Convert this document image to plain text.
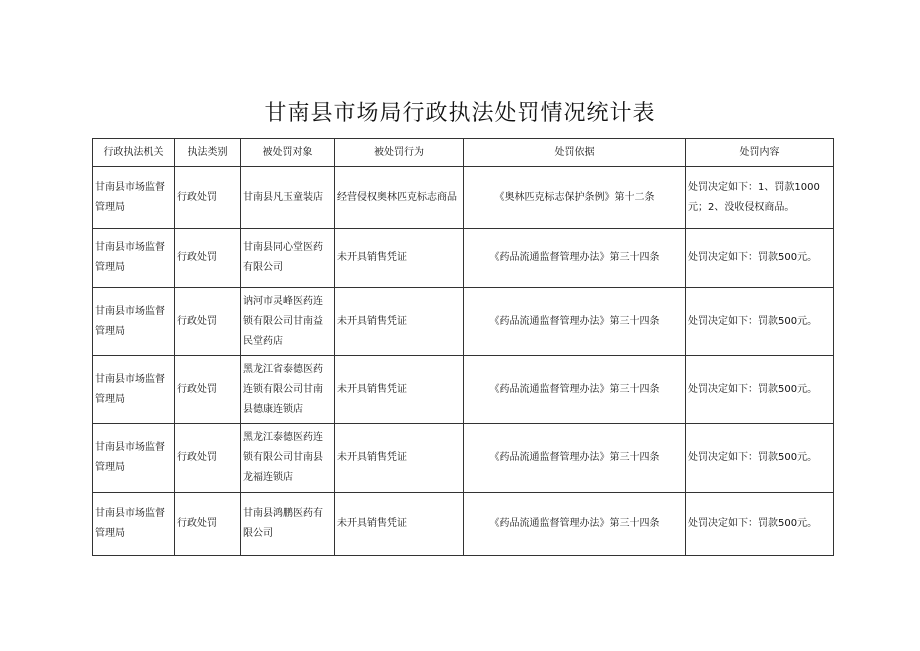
甘南县市场局行政执法处罚情况统计表
行政执法机关	执法类别	被处罚对象	被处罚行为	处罚依据	处罚内容
甘南县市场监督管理局	行政处罚	甘南县凡玉童装店	经营侵权奥林匹克标志商品	《奥林匹克标志保护条例》第十二条	处罚决定如下：1、罚款1000元；2、没收侵权商品。
甘南县市场监督管理局	行政处罚	甘南县同心堂医药有限公司	未开具销售凭证	《药品流通监督管理办法》第三十四条	处罚决定如下：罚款500元。
甘南县市场监督管理局	行政处罚	讷河市灵峰医药连锁有限公司甘南益民堂药店	未开具销售凭证	《药品流通监督管理办法》第三十四条	处罚决定如下：罚款500元。
甘南县市场监督管理局	行政处罚	黑龙江省泰德医药连锁有限公司甘南县德康连锁店	未开具销售凭证	《药品流通监督管理办法》第三十四条	处罚决定如下：罚款500元。
甘南县市场监督管理局	行政处罚	黑龙江泰德医药连锁有限公司甘南县龙福连锁店	未开具销售凭证	《药品流通监督管理办法》第三十四条	处罚决定如下：罚款500元。
甘南县市场监督管理局	行政处罚	甘南县鸿鹏医药有限公司	未开具销售凭证	《药品流通监督管理办法》第三十四条	处罚决定如下：罚款500元。
